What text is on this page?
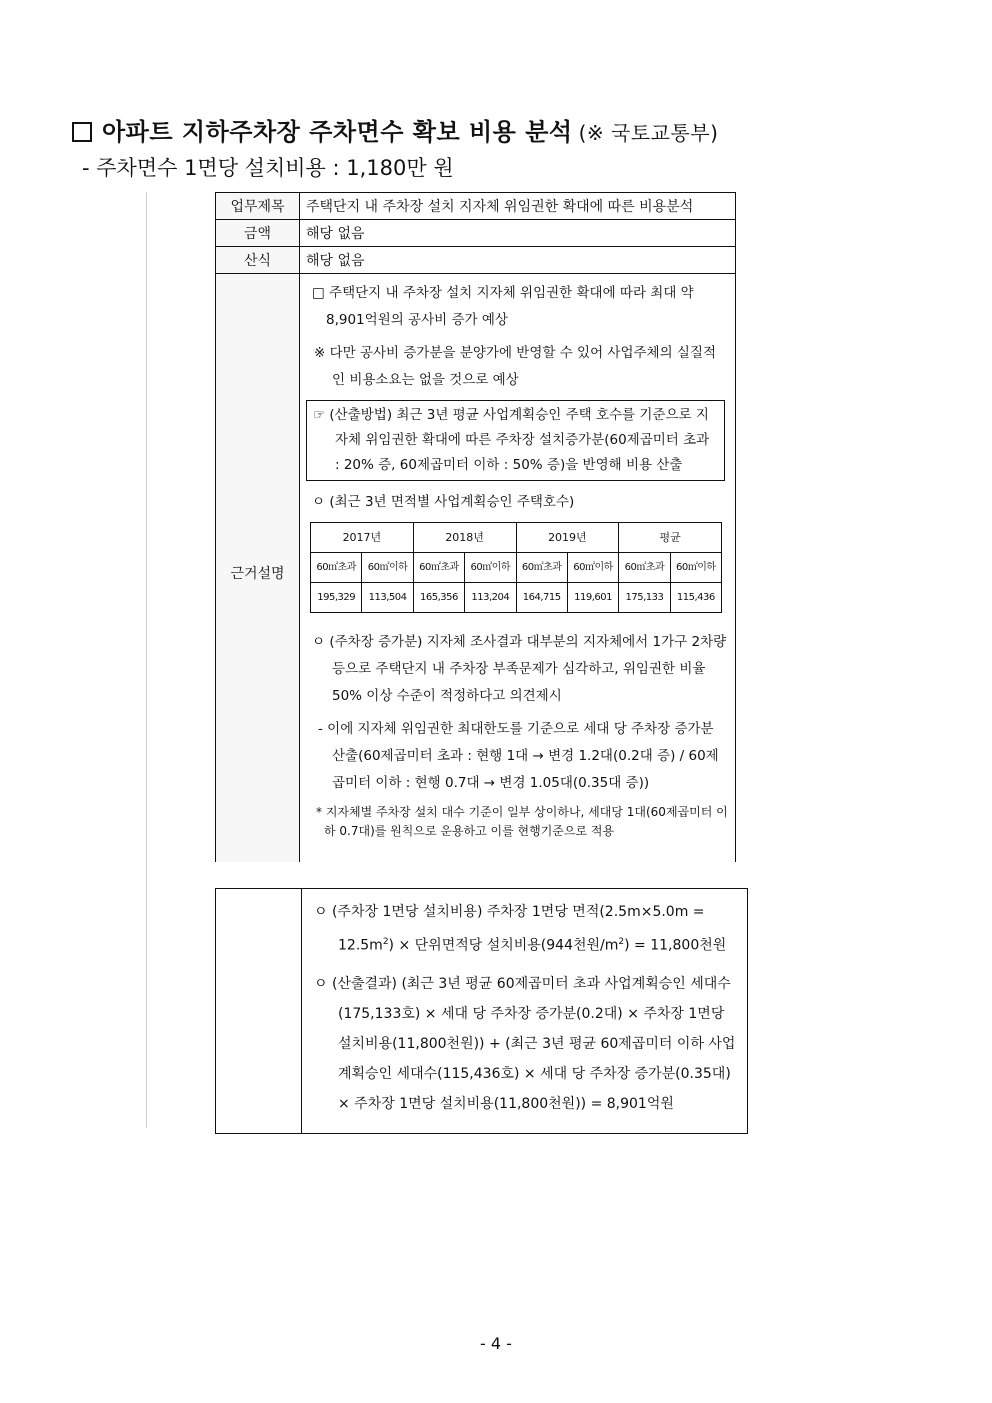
아파트 지하주차장 주차면수 확보 비용 분석 (※ 국토교통부)
- 주차면수 1면당 설치비용 : 1,180만 원
업무제목	주택단지 내 주차장 설치 지자체 위임권한 확대에 따른 비용분석
금액	해당 없음
산식	해당 없음
근거설명	

□ 주택단지 내 주차장 설치 지자체 위임권한 확대에 따라 최대 약 8,901억원의 공사비 증가 예상

※ 다만 공사비 증가분을 분양가에 반영할 수 있어 사업주체의 실질적인 비용소요는 없을 것으로 예상

☞ (산출방법) 최근 3년 평균 사업계획승인 주택 호수를 기준으로 지자체 위임권한 확대에 따른 주차장 설치증가분(60제곱미터 초과 : 20% 증, 60제곱미터 이하 : 50% 증)을 반영해 비용 산출

ㅇ (최근 3년 면적별 사업계획승인 주택호수)

2017년	2018년	2019년	평균
60㎡초과	60㎡이하	60㎡초과	60㎡이하	60㎡초과	60㎡이하	60㎡초과	60㎡이하
195,329	113,504	165,356	113,204	164,715	119,601	175,133	115,436

ㅇ (주차장 증가분) 지자체 조사결과 대부분의 지자체에서 1가구 2차량 등으로 주택단지 내 주차장 부족문제가 심각하고, 위임권한 비율 50% 이상 수준이 적정하다고 의견제시

- 이에 지자체 위임권한 최대한도를 기준으로 세대 당 주차장 증가분 산출(60제곱미터 초과 : 현행 1대 → 변경 1.2대(0.2대 증) / 60제곱미터 이하 : 현행 0.7대 → 변경 1.05대(0.35대 증))

* 지자체별 주차장 설치 대수 기준이 일부 상이하나, 세대당 1대(60제곱미터 이하 0.7대)를 원칙으로 운용하고 이를 현행기준으로 적용

ㅇ (주차장 1면당 설치비용) 주차장 1면당 면적$(2.5m\times 5.0m = 12.5m^2)$ × 단위면적당 설치비용(944천원$/m^2) = 11,800$천원

ㅇ (산출결과) (최근 3년 평균 60제곱미터 초과 사업계획승인 세대수(175,133호) × 세대 당 주차장 증가분(0.2대) × 주차장 1면당 설치비용(11,800천원)) + (최근 3년 평균 60제곱미터 이하 사업계획승인 세대수(115,436호) × 세대 당 주차장 증가분(0.35대) × 주차장 1면당 설치비용(11,800천원)) = 8,901억원

- 4 -
